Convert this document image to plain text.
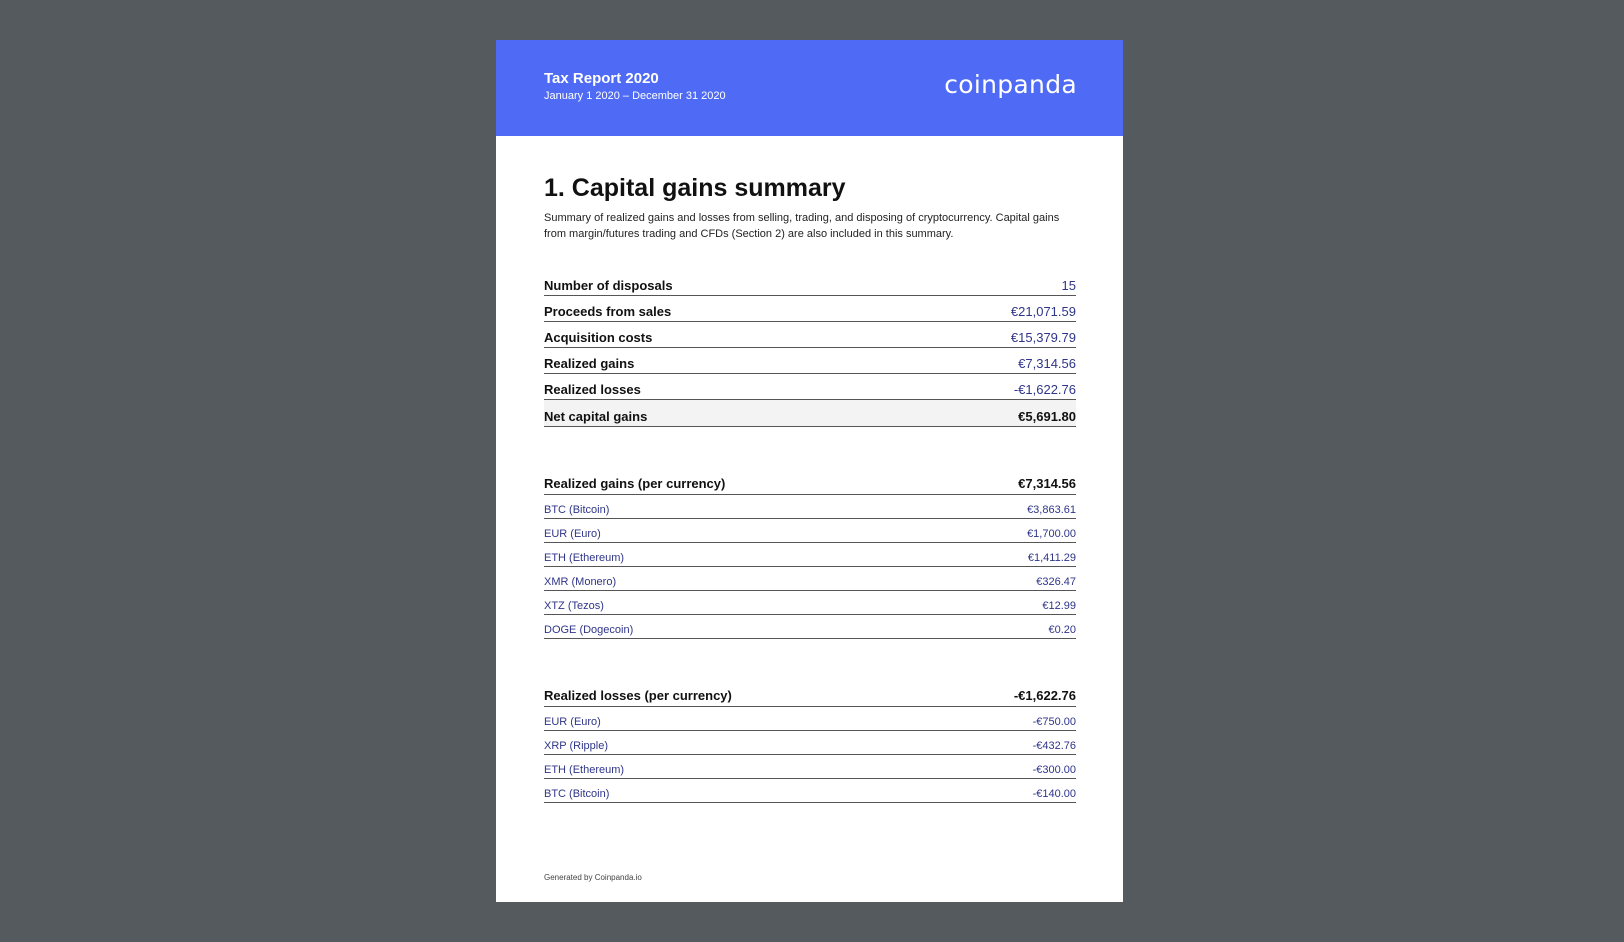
Tax Report 2020
January 1 2020 – December 31 2020	coinpanda
1. Capital gains summary

Summary of realized gains and losses from selling, trading, and disposing of cryptocurrency. Capital gains from margin/futures trading and CFDs (Section 2) are also included in this summary.

Number of disposals	15
Proceeds from sales	€21,071.59
Acquisition costs	€15,379.79
Realized gains	€7,314.56
Realized losses	-€1,622.76
Net capital gains	€5,691.80
Realized gains (per currency)	€7,314.56
BTC (Bitcoin)	€3,863.61
EUR (Euro)	€1,700.00
ETH (Ethereum)	€1,411.29
XMR (Monero)	€326.47
XTZ (Tezos)	€12.99
DOGE (Dogecoin)	€0.20
Realized losses (per currency)	-€1,622.76
EUR (Euro)	-€750.00
XRP (Ripple)	-€432.76
ETH (Ethereum)	-€300.00
BTC (Bitcoin)	-€140.00
Generated by Coinpanda.io
